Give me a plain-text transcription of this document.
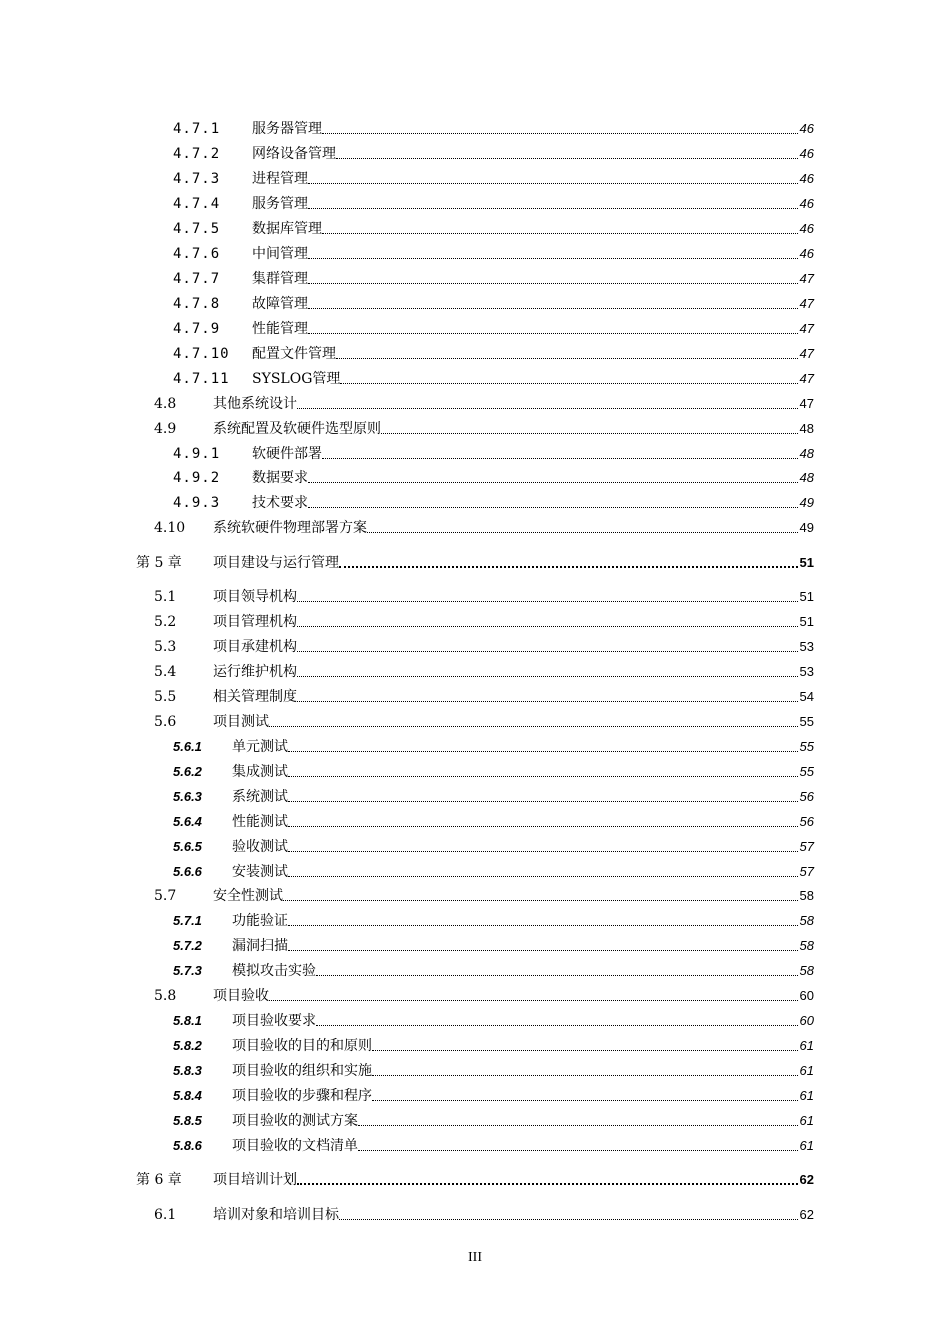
4.7.1 服务器管理	46
4.7.2 网络设备管理	46
4.7.3 进程管理	46
4.7.4 服务管理	46
4.7.5 数据库管理	46
4.7.6 中间管理	46
4.7.7 集群管理	47
4.7.8 故障管理	47
4.7.9 性能管理	47
4.7.10 配置文件管理	47
4.7.11 SYSLOG管理	47
4.8	其他系统设计	47
4.9	系统配置及软硬件选型原则	48
4.9.1 软硬件部署	48
4.9.2 数据要求	48
4.9.3 技术要求	49
4.10 系统软硬件物理部署方案	49
第 5 章 项目建设与运行管理	51
5.1	项目领导机构	51
5.2	项目管理机构	51
5.3	项目承建机构	53
5.4	运行维护机构	53
5.5	相关管理制度	54
5.6	项目测试	55
5.6.1 单元测试	55
5.6.2 集成测试	55
5.6.3 系统测试	56
5.6.4 性能测试	56
5.6.5 验收测试	57
5.6.6 安装测试	57
5.7	安全性测试	58
5.7.1 功能验证	58
5.7.2 漏洞扫描	58
5.7.3 模拟攻击实验	58
5.8	项目验收	60
5.8.1 项目验收要求	60
5.8.2 项目验收的目的和原则	61
5.8.3 项目验收的组织和实施	61
5.8.4 项目验收的步骤和程序	61
5.8.5 项目验收的测试方案	61
5.8.6 项目验收的文档清单	61
第 6 章 项目培训计划	62
6.1	培训对象和培训目标	62
III
